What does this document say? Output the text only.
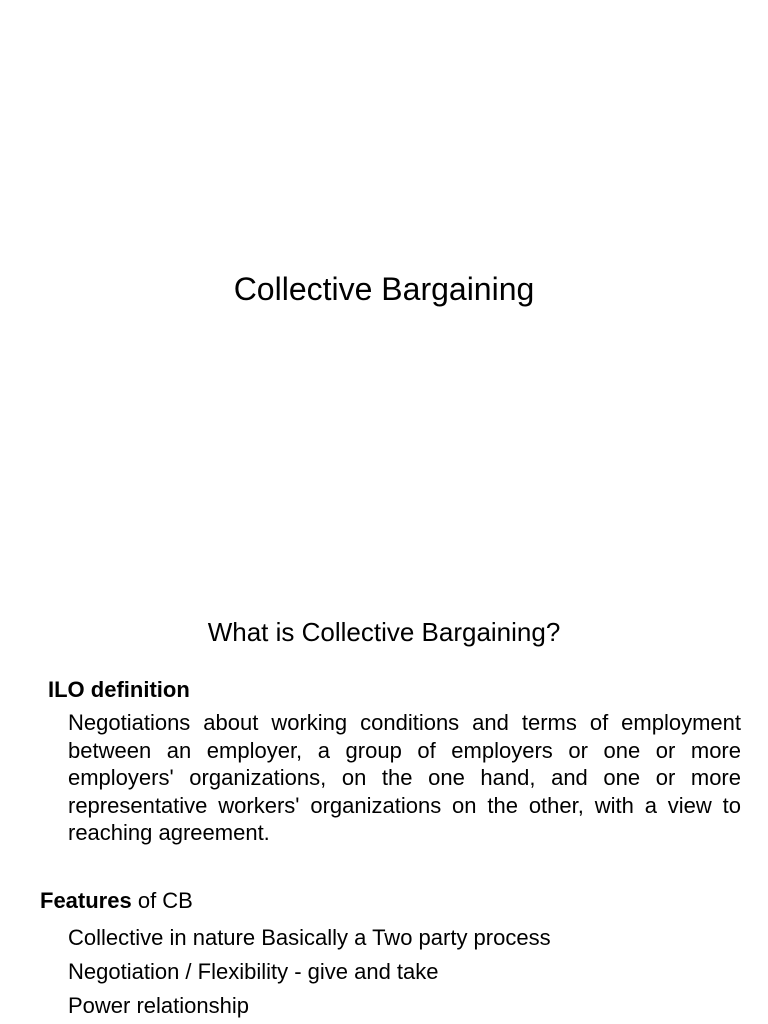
Collective Bargaining
What is Collective Bargaining?
ILO definition
Negotiations about working conditions and terms of employment between an employer, a group of employers or one or more employers' organizations, on the one hand, and one or more representative workers' organizations on the other, with a view to reaching agreement.
Features of CB
Collective in nature Basically a Two party process
Negotiation / Flexibility - give and take
Power relationship
